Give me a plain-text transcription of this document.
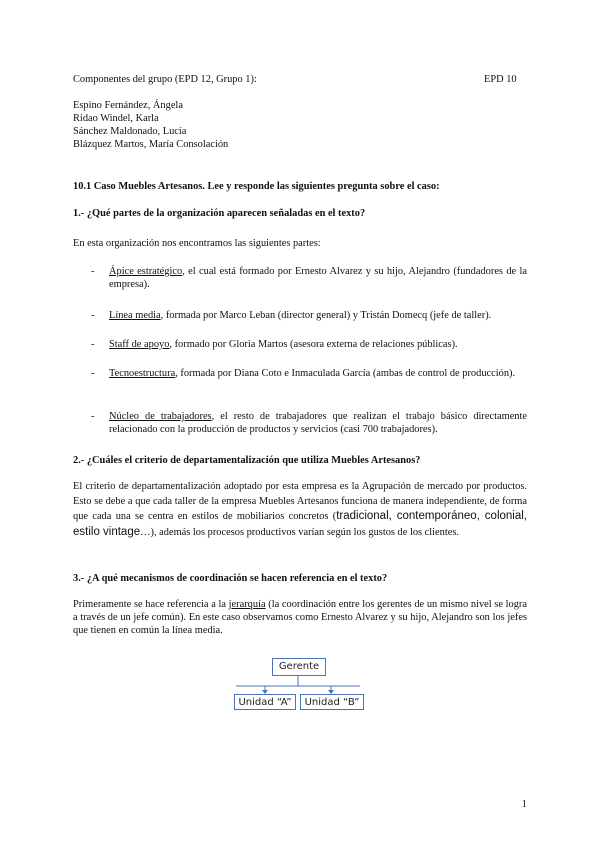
Componentes del grupo (EPD 12, Grupo 1):	EPD 10
Espino Fernández, Ángela
Ridao Windel, Karla
Sánchez Maldonado, Lucía
Blázquez Martos, María Consolación
10.1 Caso Muebles Artesanos. Lee y responde las siguientes pregunta sobre el caso:
1.- ¿Qué partes de la organización aparecen señaladas en el texto?
En esta organización nos encontramos las siguientes partes:
- Ápice estratégico, el cual está formado por Ernesto Alvarez y su hijo, Alejandro (fundadores de la empresa).
- Línea media, formada por Marco Leban (director general) y Tristán Domecq (jefe de taller).
- Staff de apoyo, formado por Gloria Martos (asesora externa de relaciones públicas).
- Tecnoestructura, formada por Diana Coto e Inmaculada García (ambas de control de producción).
- Núcleo de trabajadores, el resto de trabajadores que realizan el trabajo básico directamente relacionado con la producción de productos y servicios (casi 700 trabajadores).
2.- ¿Cuáles el criterio de departamentalización que utiliza Muebles Artesanos?
El criterio de departamentalización adoptado por esta empresa es la Agrupación de mercado por productos. Esto se debe a que cada taller de la empresa Muebles Artesanos funciona de manera independiente, de forma que cada una se centra en estilos de mobiliarios concretos (tradicional, contemporáneo, colonial, estilo vintage…), además los procesos productivos varían según los gustos de los clientes.
3.- ¿A qué mecanismos de coordinación se hacen referencia en el texto?
Primeramente se hace referencia a la jerarquía (la coordinación entre los gerentes de un mismo nivel se logra a través de un jefe común). En este caso observamos como Ernesto Alvarez y su hijo, Alejandro son los jefes que tienen en común la línea media.
Gerente
Unidad “A”	Unidad “B”
1
